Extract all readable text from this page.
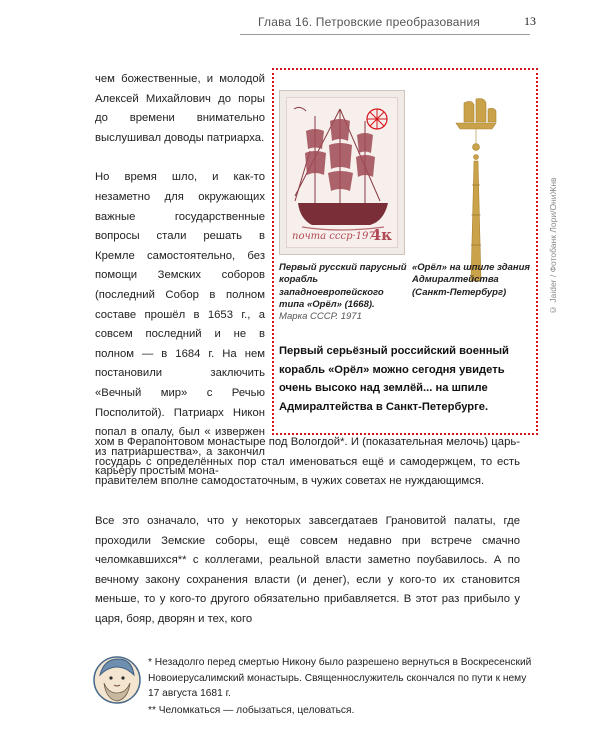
Глава 16. Петровские преобразования	13

чем божественные, и молодой Алексей Михайлович до поры до времени внимательно выслушивал доводы патриарха.

Но время шло, и как-то незаметно для окружающих важные государственные вопросы стали решать в Кремле самостоятельно, без помощи Земских соборов (последний Собор в полном составе прошёл в 1653 г., а совсем последний и не в полном — в 1684 г. На нем постановили заключить «Вечный мир» с Речью Посполитой). Патриарх Никон попал в опалу, был « извержен из патриаршества», а закончил карьеру простым мона-

хом в Ферапонтовом монастыре под Вологдой*. И (показательная мелочь) царь-государь с определённых пор стал именоваться ещё и самодержцем, то есть правителем вполне самодостаточным, в чужих советах не нуждающимся.

Все это означало, что у некоторых завсегдатаев Грановитой палаты, где проходили Земские соборы, ещё совсем недавно при встрече смачно челомкавшихся** с коллегами, реальной власти заметно поубавилось. А по вечному закону сохранения власти (и денег), если у кого-то их становится меньше, то у кого-то другого обязательно прибавляется. В этот раз прибыло у царя, бояр, дворян и тех, кого

почта ссср·1971
4к	© Jaider / Фотобанк Лори/ОниЖнв
Первый русский парусный корабль западноевропейского типа «Орёл» (1668).
Марка СССР. 1971
«Орёл» на шпиле здания Адмиралтейства (Санкт-Петербург)
Первый серьёзный российский военный корабль «Орёл» можно сегодня увидеть очень высоко над землёй... на шпиле Адмиралтейства в Санкт-Петербурге.
* Незадолго перед смертью Никону было разрешено вернуться в Воскресенский Новоиерусалимский монастырь. Священнослужитель скончался по пути к нему 17 августа 1681 г.
** Челомкаться — лобызаться, целоваться.
